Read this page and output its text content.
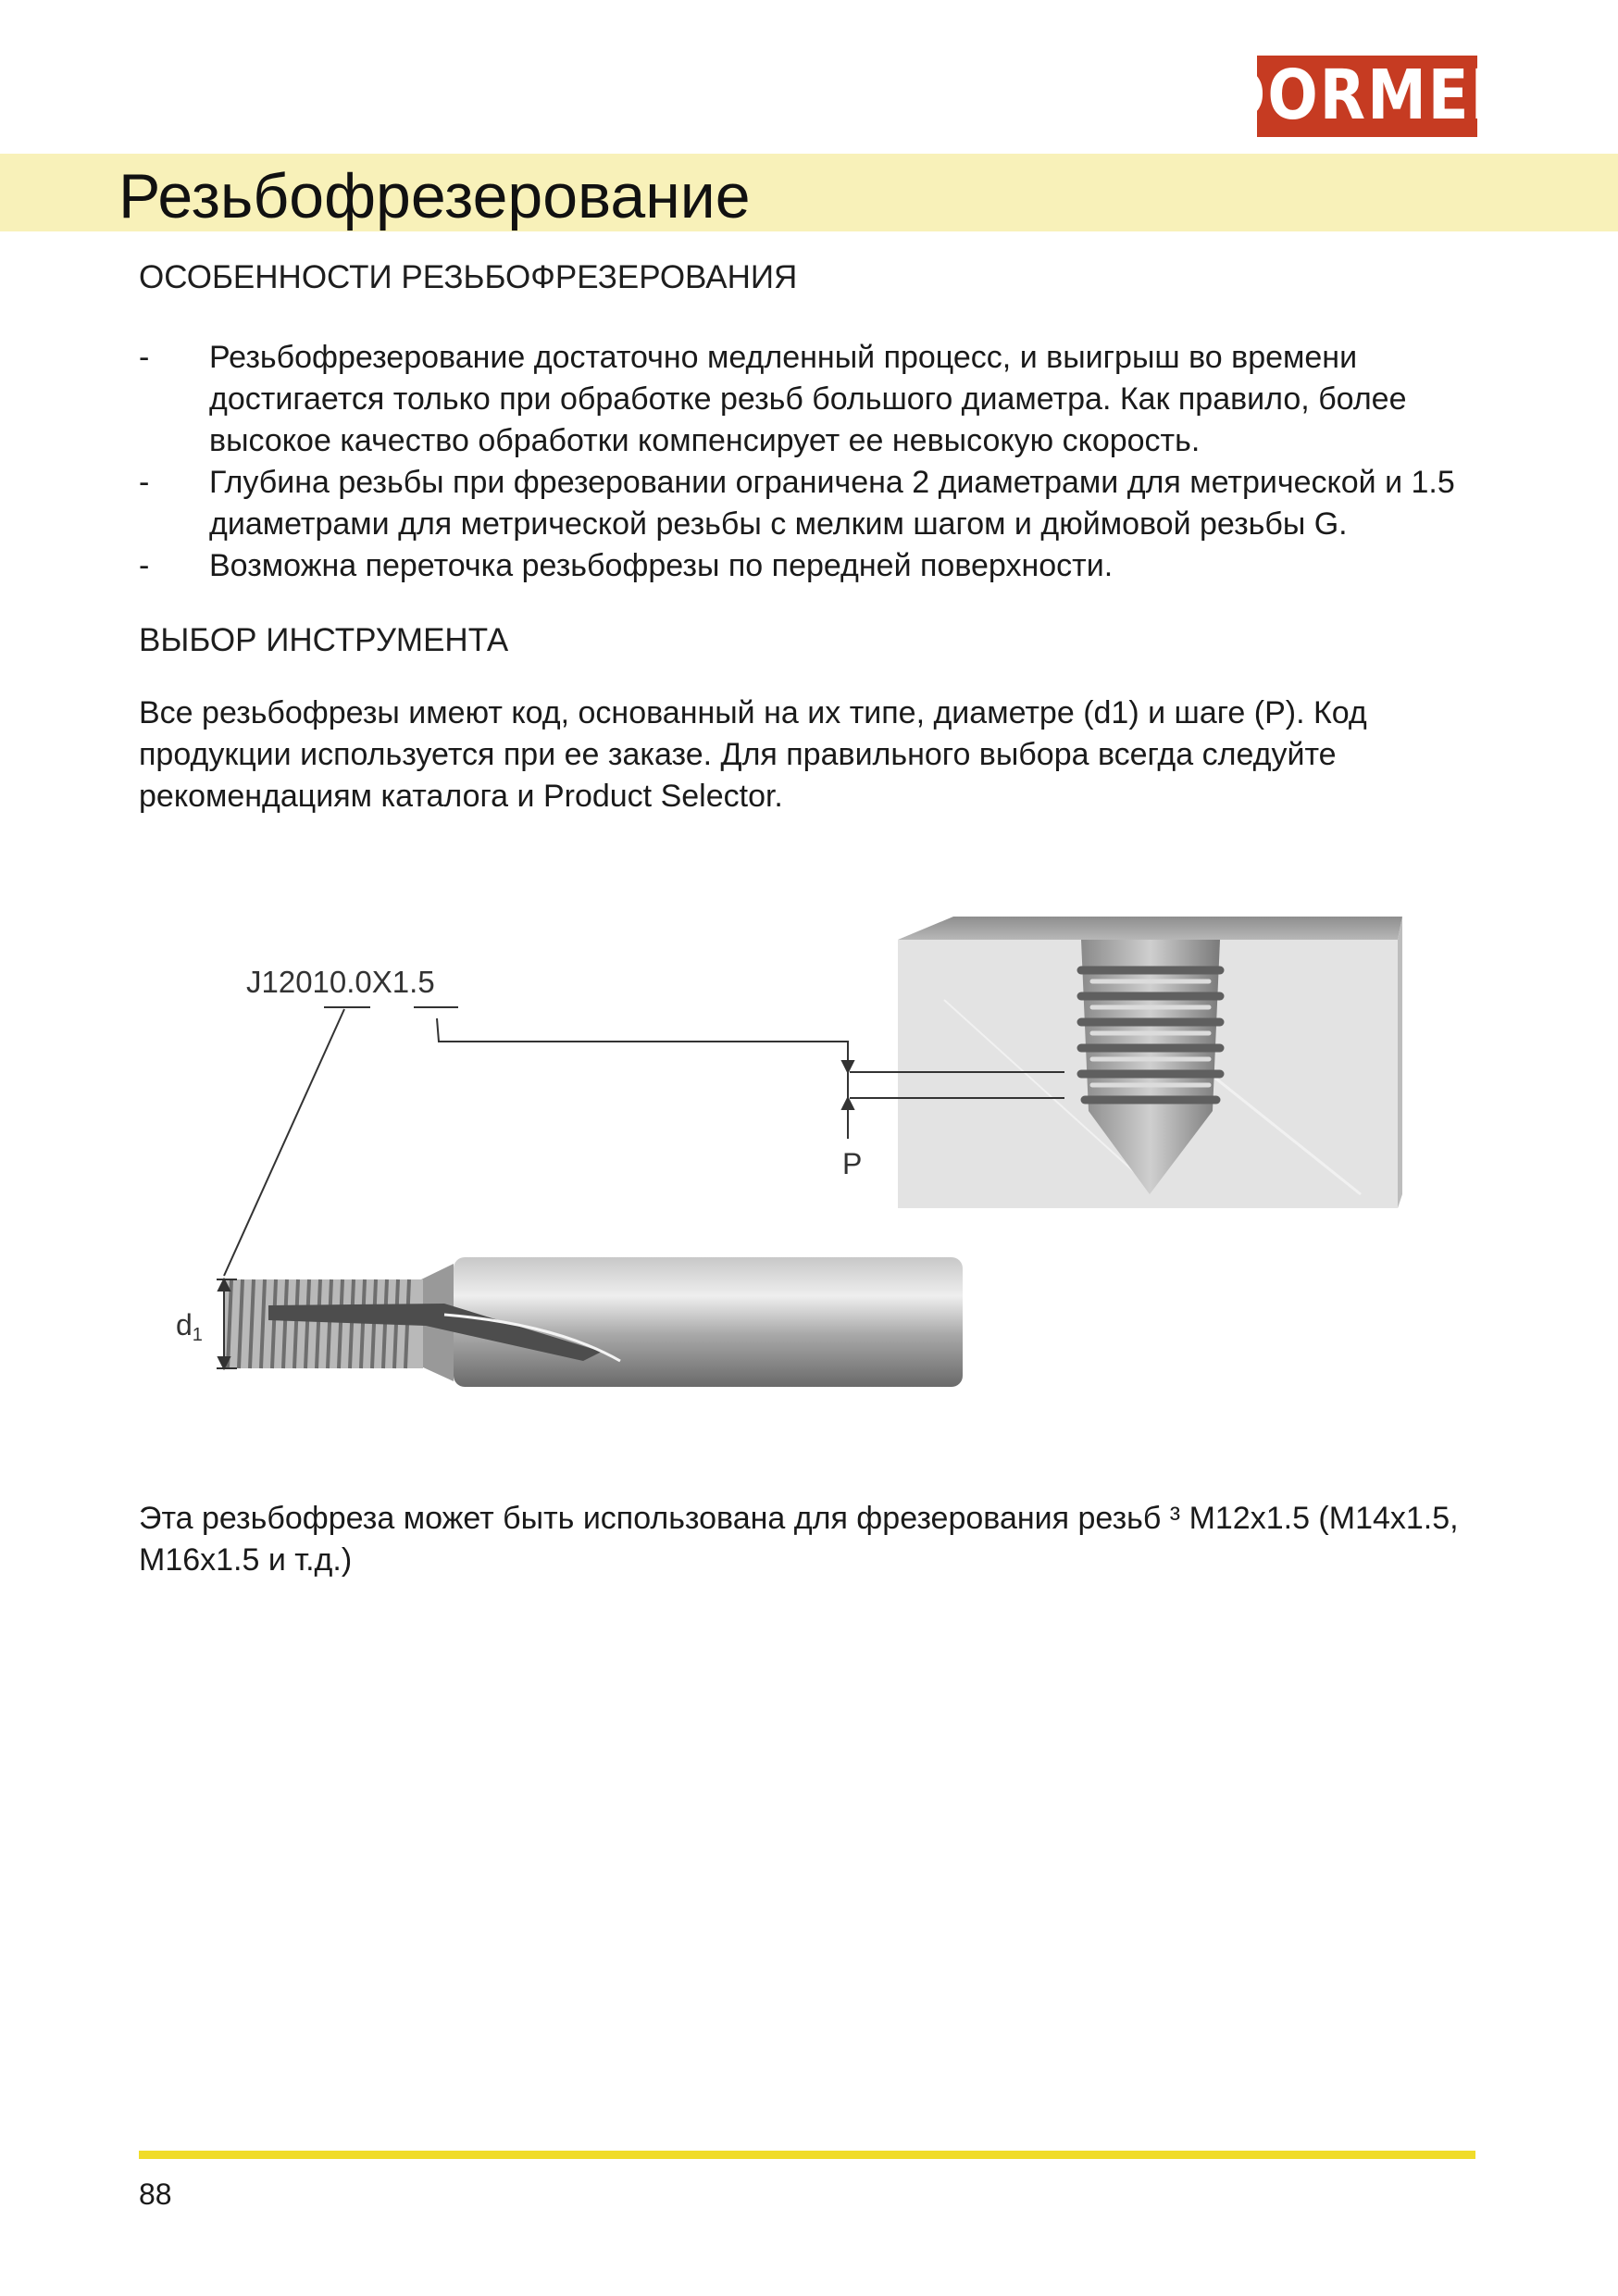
DORMER
Резьбофрезерование
ОСОБЕННОСТИ РЕЗЬБОФРЕЗЕРОВАНИЯ
-	Резьбофрезерование достаточно медленный процесс, и выигрыш во времени достигается только при обработке резьб большого диаметра. Как правило, более высокое качество обработки компенсирует ее невысокую скорость.
-	Глубина резьбы при фрезеровании ограничена 2 диаметрами для метрической и 1.5 диаметрами для метрической резьбы с мелким шагом и дюймовой резьбы G.
-	Возможна переточка резьбофрезы по передней поверхности.
ВЫБОР ИНСТРУМЕНТА
Все резьбофрезы имеют код, основанный на их типе, диаметре (d1) и шаге (P). Код продукции используется при ее заказе. Для правильного выбора всегда следуйте рекомендациям каталога и Product Selector.
P
J12010.0X1.5
d1
Эта резьбофреза может быть использована для фрезерования резьб ³ М12x1.5 (М14x1.5, М16x1.5 и т.д.)
88
